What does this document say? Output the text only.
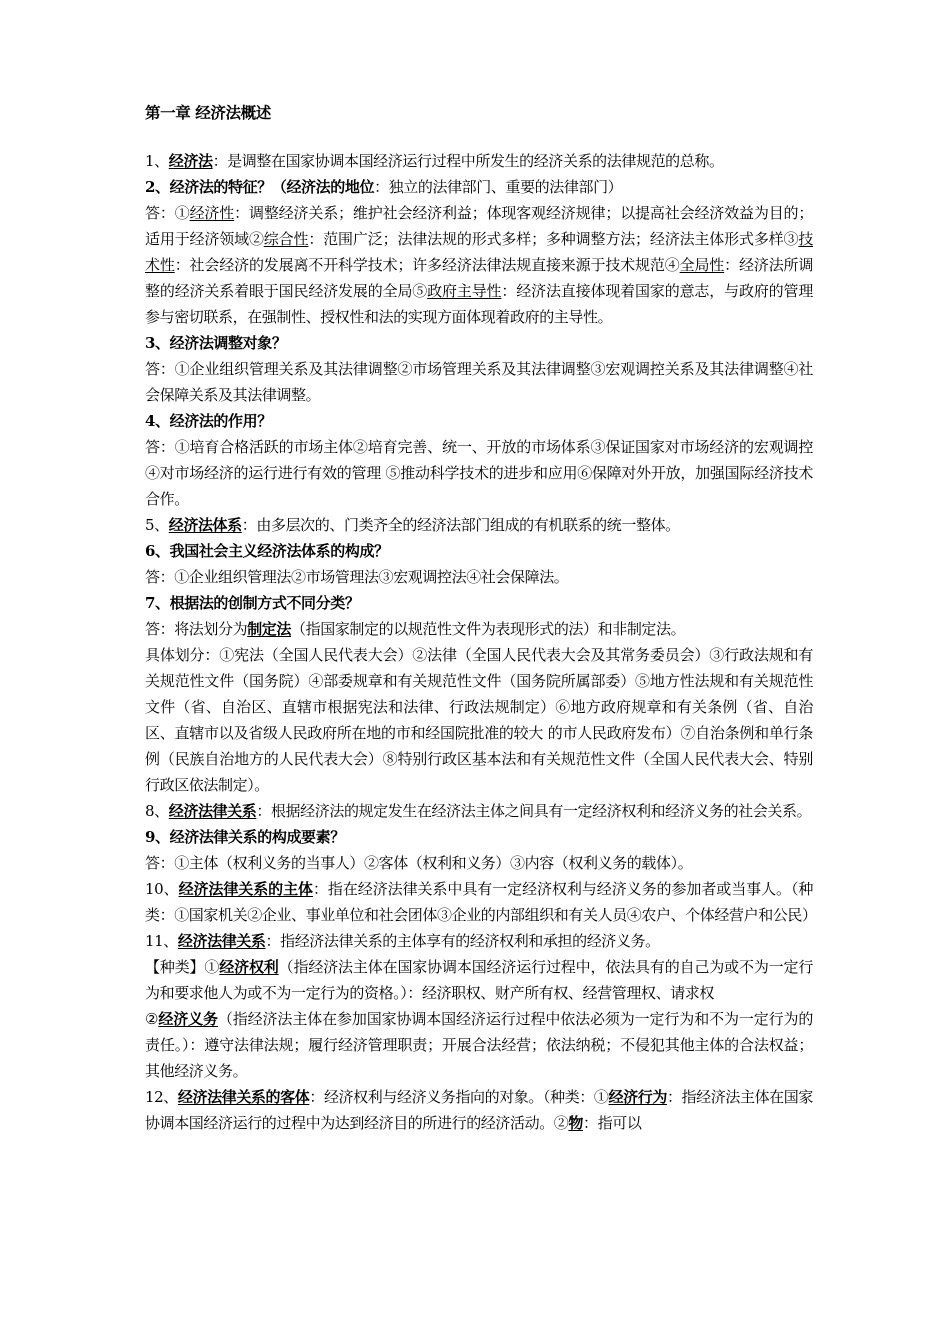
第一章 经济法概述
1、经济法：是调整在国家协调本国经济运行过程中所发生的经济关系的法律规范的总称。
2、经济法的特征？（经济法的地位：独立的法律部门、重要的法律部门）
答：①经济性：调整经济关系；维护社会经济利益；体现客观经济规律；以提高社会经济效益为目的；适用于经济领域②综合性：范围广泛；法律法规的形式多样；多种调整方法；经济法主体形式多样③技术性：社会经济的发展离不开科学技术；许多经济法律法规直接来源于技术规范④全局性：经济法所调整的经济关系着眼于国民经济发展的全局⑤政府主导性：经济法直接体现着国家的意志，与政府的管理参与密切联系，在强制性、授权性和法的实现方面体现着政府的主导性。
3、经济法调整对象？
答：①企业组织管理关系及其法律调整②市场管理关系及其法律调整③宏观调控关系及其法律调整④社会保障关系及其法律调整。
4、经济法的作用？
答：①培育合格活跃的市场主体②培育完善、统一、开放的市场体系③保证国家对市场经济的宏观调控④对市场经济的运行进行有效的管理 ⑤推动科学技术的进步和应用⑥保障对外开放，加强国际经济技术合作。
5、经济法体系：由多层次的、门类齐全的经济法部门组成的有机联系的统一整体。
6、我国社会主义经济法体系的构成？
答：①企业组织管理法②市场管理法③宏观调控法④社会保障法。
7、根据法的创制方式不同分类？
答：将法划分为制定法（指国家制定的以规范性文件为表现形式的法）和非制定法。
具体划分：①宪法（全国人民代表大会）②法律（全国人民代表大会及其常务委员会）③行政法规和有关规范性文件（国务院）④部委规章和有关规范性文件（国务院所属部委）⑤地方性法规和有关规范性文件（省、自治区、直辖市根据宪法和法律、行政法规制定）⑥地方政府规章和有关条例（省、自治区、直辖市以及省级人民政府所在地的市和经国院批准的较大 的市人民政府发布）⑦自治条例和单行条例（民族自治地方的人民代表大会）⑧特别行政区基本法和有关规范性文件（全国人民代表大会、特别行政区依法制定）。
8、经济法律关系：根据经济法的规定发生在经济法主体之间具有一定经济权利和经济义务的社会关系。
9、经济法律关系的构成要素？
答：①主体（权利义务的当事人）②客体（权利和义务）③内容（权利义务的载体）。
10、经济法律关系的主体：指在经济法律关系中具有一定经济权利与经济义务的参加者或当事人。（种类：①国家机关②企业、事业单位和社会团体③企业的内部组织和有关人员④农户、个体经营户和公民）
11、经济法律关系：指经济法律关系的主体享有的经济权利和承担的经济义务。
【种类】①经济权利（指经济法主体在国家协调本国经济运行过程中，依法具有的自己为或不为一定行为和要求他人为或不为一定行为的资格。）：经济职权、财产所有权、经营管理权、请求权
②经济义务（指经济法主体在参加国家协调本国经济运行过程中依法必须为一定行为和不为一定行为的责任。）：遵守法律法规；履行经济管理职责；开展合法经营；依法纳税；不侵犯其他主体的合法权益；其他经济义务。
12、经济法律关系的客体：经济权利与经济义务指向的对象。（种类：①经济行为：指经济法主体在国家协调本国经济运行的过程中为达到经济目的所进行的经济活动。②物：指可以
